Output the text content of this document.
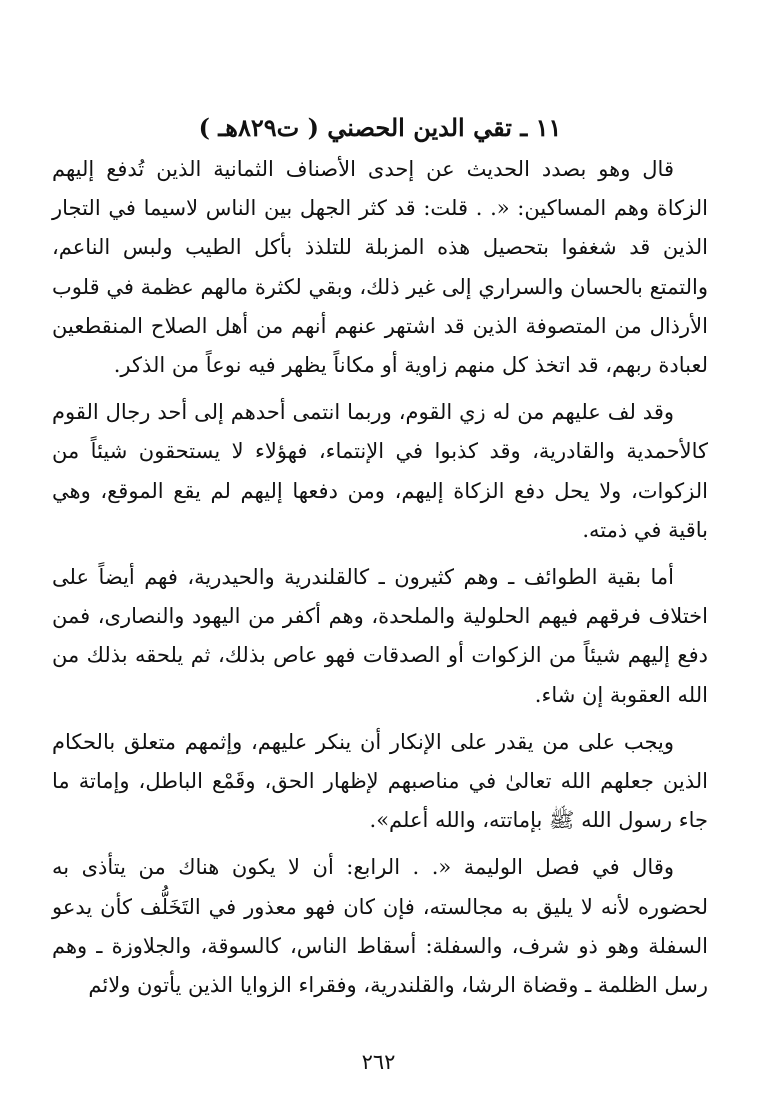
١١ ـ تقي الدين الحصني ( ت٨٢٩هـ )

قال وهو بصدد الحديث عن إحدى الأصناف الثمانية الذين تُدفع إليهم الزكاة وهم المساكين: «. . قلت: قد كثر الجهل بين الناس لاسيما في التجار الذين قد شغفوا بتحصيل هذه المزبلة للتلذذ بأكل الطيب ولبس الناعم، والتمتع بالحسان والسراري إلى غير ذلك، وبقي لكثرة مالهم عظمة في قلوب الأرذال من المتصوفة الذين قد اشتهر عنهم أنهم من أهل الصلاح المنقطعين لعبادة ربهم، قد اتخذ كل منهم زاوية أو مكاناً يظهر فيه نوعاً من الذكر.

وقد لف عليهم من له زي القوم، وربما انتمى أحدهم إلى أحد رجال القوم كالأحمدية والقادرية، وقد كذبوا في الإنتماء، فهؤلاء لا يستحقون شيئاً من الزكوات، ولا يحل دفع الزكاة إليهم، ومن دفعها إليهم لم يقع الموقع، وهي باقية في ذمته.

أما بقية الطوائف ـ وهم كثيرون ـ كالقلندرية والحيدرية، فهم أيضاً على اختلاف فرقهم فيهم الحلولية والملحدة، وهم أكفر من اليهود والنصارى، فمن دفع إليهم شيئاً من الزكوات أو الصدقات فهو عاص بذلك، ثم يلحقه بذلك من الله العقوبة إن شاء.

ويجب على من يقدر على الإنكار أن ينكر عليهم، وإثمهم متعلق بالحكام الذين جعلهم الله تعالىٰ في مناصبهم لإظهار الحق، وقَمْع الباطل، وإماتة ما جاء رسول الله ﷺ بإماتته، والله أعلم».

وقال في فصل الوليمة «. . الرابع: أن لا يكون هناك من يتأذى به لحضوره لأنه لا يليق به مجالسته، فإن كان فهو معذور في التَخَلُّف كأن يدعو السفلة وهو ذو شرف، والسفلة: أسقاط الناس، كالسوقة، والجلاوزة ـ وهم رسل الظلمة ـ وقضاة الرشا، والقلندرية، وفقراء الزوايا الذين يأتون ولائم

٢٦٢
